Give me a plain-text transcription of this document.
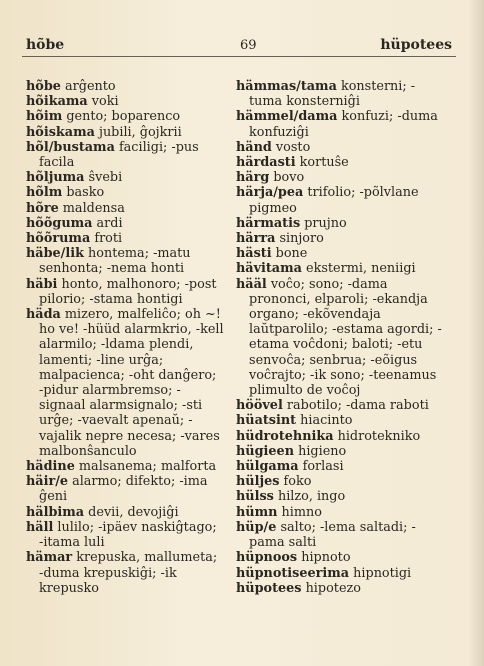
hõbe	69	hüpotees
hõbe arĝento
hõikama voki
hõim gento; boparenco
hõiskama jubili, ĝojkrii
hõl/bustama faciligi; -pus facila
hõljuma ŝvebi
hõlm basko
hõre maldensa
hõõguma ardi
hõõruma froti
häbe/lik hontema; -matu senhonta; -nema honti
häbi honto, malhonoro; -post pilorio; -stama hontigi
häda mizero, malfeliĉo; oh ~! ho ve! -hüüd alarmkrio, -kell alarmilo; -ldama plendi, lamenti; -line urĝa; malpacienca; -oht danĝero; -pidur alarmbremso; -signaal alarmsignalo; -sti urĝe; -vaevalt apenaŭ; -vajalik nepre necesa; -vares malbonŝanculo
hädine malsanema; malforta
häir/e alarmo; difekto; -ima ĝeni
hälbima devii, devojiĝi
häll lulilo; -ipäev naskiĝtago; -itama luli
hämar krepuska, mallumeta; -duma krepuskiĝi; -ik krepusko
hämmas/tama konsterni; -tuma konsterniĝi
hämmel/dama konfuzi; -duma konfuziĝi
händ vosto
härdasti kortuŝe
härg bovo
härja/pea trifolio; -põlvlane pigmeo
härmatis prujno
härra sinjoro
hästi bone
hävitama ekstermi, neniigi
hääl voĉo; sono; -dama prononci, elparoli; -ekandja organo; -ekõvendaja laŭtparolilo; -estama agordi; -etama voĉdoni; baloti; -etu senvoĉa; senbrua; -eõigus voĉrajto; -ik sono; -teenamus plimulto de voĉoj
höövel rabotilo; -dama raboti
hüatsint hiacinto
hüdrotehnika hidroteknikо
hügieen higieno
hülgama forlasi
hüljes foko
hülss hilzo, ingo
hümn himno
hüp/e salto; -lema saltadi; -pama salti
hüpnoos hipnoto
hüpnotiseerima hipnotigi
hüpotees hipotezo
